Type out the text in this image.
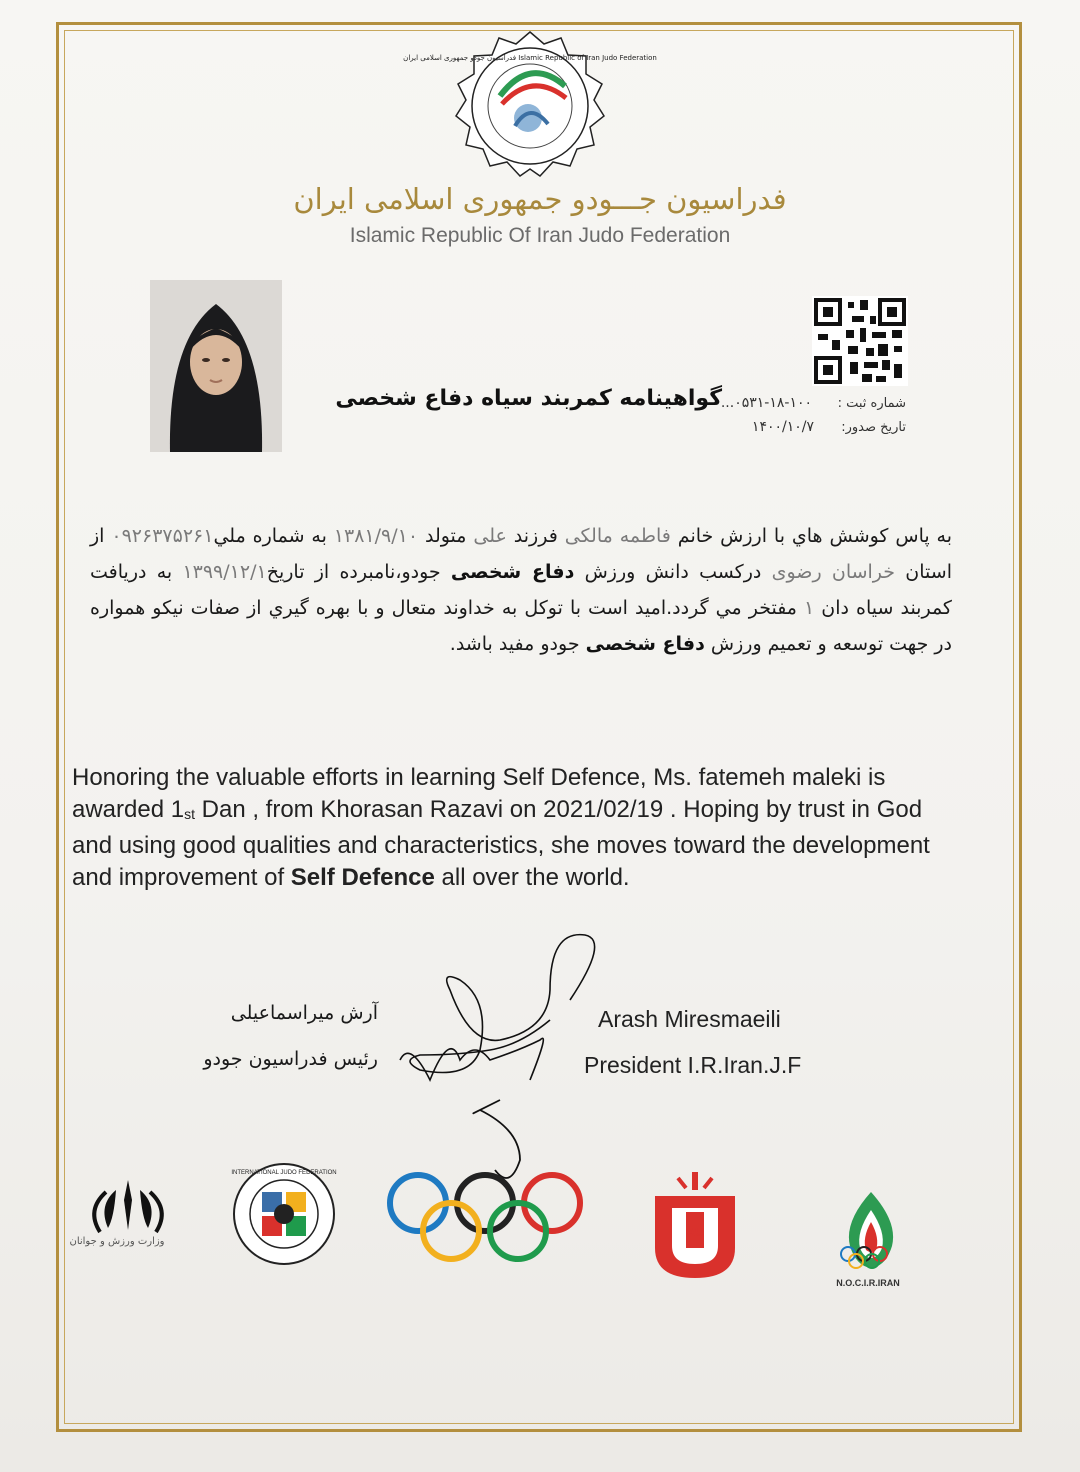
فدراسیون جودو جمهوری اسلامی ایران Islamic Republic of Iran Judo Federation
فدراسیون جـــودو جمهوری اسلامی ایران
Islamic Republic Of Iran Judo Federation
گواهینامه کمربند سیاه دفاع شخصی	شماره ثبت :
۰۵۳۱-۱۸-۱۰۰...
تاریخ صدور:
۱۴۰۰/۱۰/۷
به پاس کوشش هاي با ارزش خانم فاطمه مالکی فرزند علی متولد ۱۳۸۱/۹/۱۰ به شماره ملي۰۹۲۶۳۷۵۲۶۱ از استان خراسان رضوی درکسب دانش ورزش دفاع شخصی جودو،نامبرده از تاریخ۱۳۹۹/۱۲/۱ به دريافت کمربند سياه دان ۱ مفتخر مي گردد.اميد است با توکل به خداوند متعال و با بهره گيري از صفات نيکو همواره در جهت توسعه و تعميم ورزش دفاع شخصی جودو مفيد باشد.
Honoring the valuable efforts in learning Self Defence, Ms. fatemeh maleki is awarded $1_{st}$ Dan , from Khorasan Razavi on 2021/02/19 . Hoping by trust in God and using good qualities and characteristics, she moves toward the development and improvement of Self Defence all over the world.
آرش میراسماعیلی
رئیس فدراسیون جودو
Arash Miresmaeili
President I.R.Iran.J.F
وزارت ورزش و جوانان
INTERNATIONAL JUDO FEDERATION
AU
N.O.C.I.R.IRAN
